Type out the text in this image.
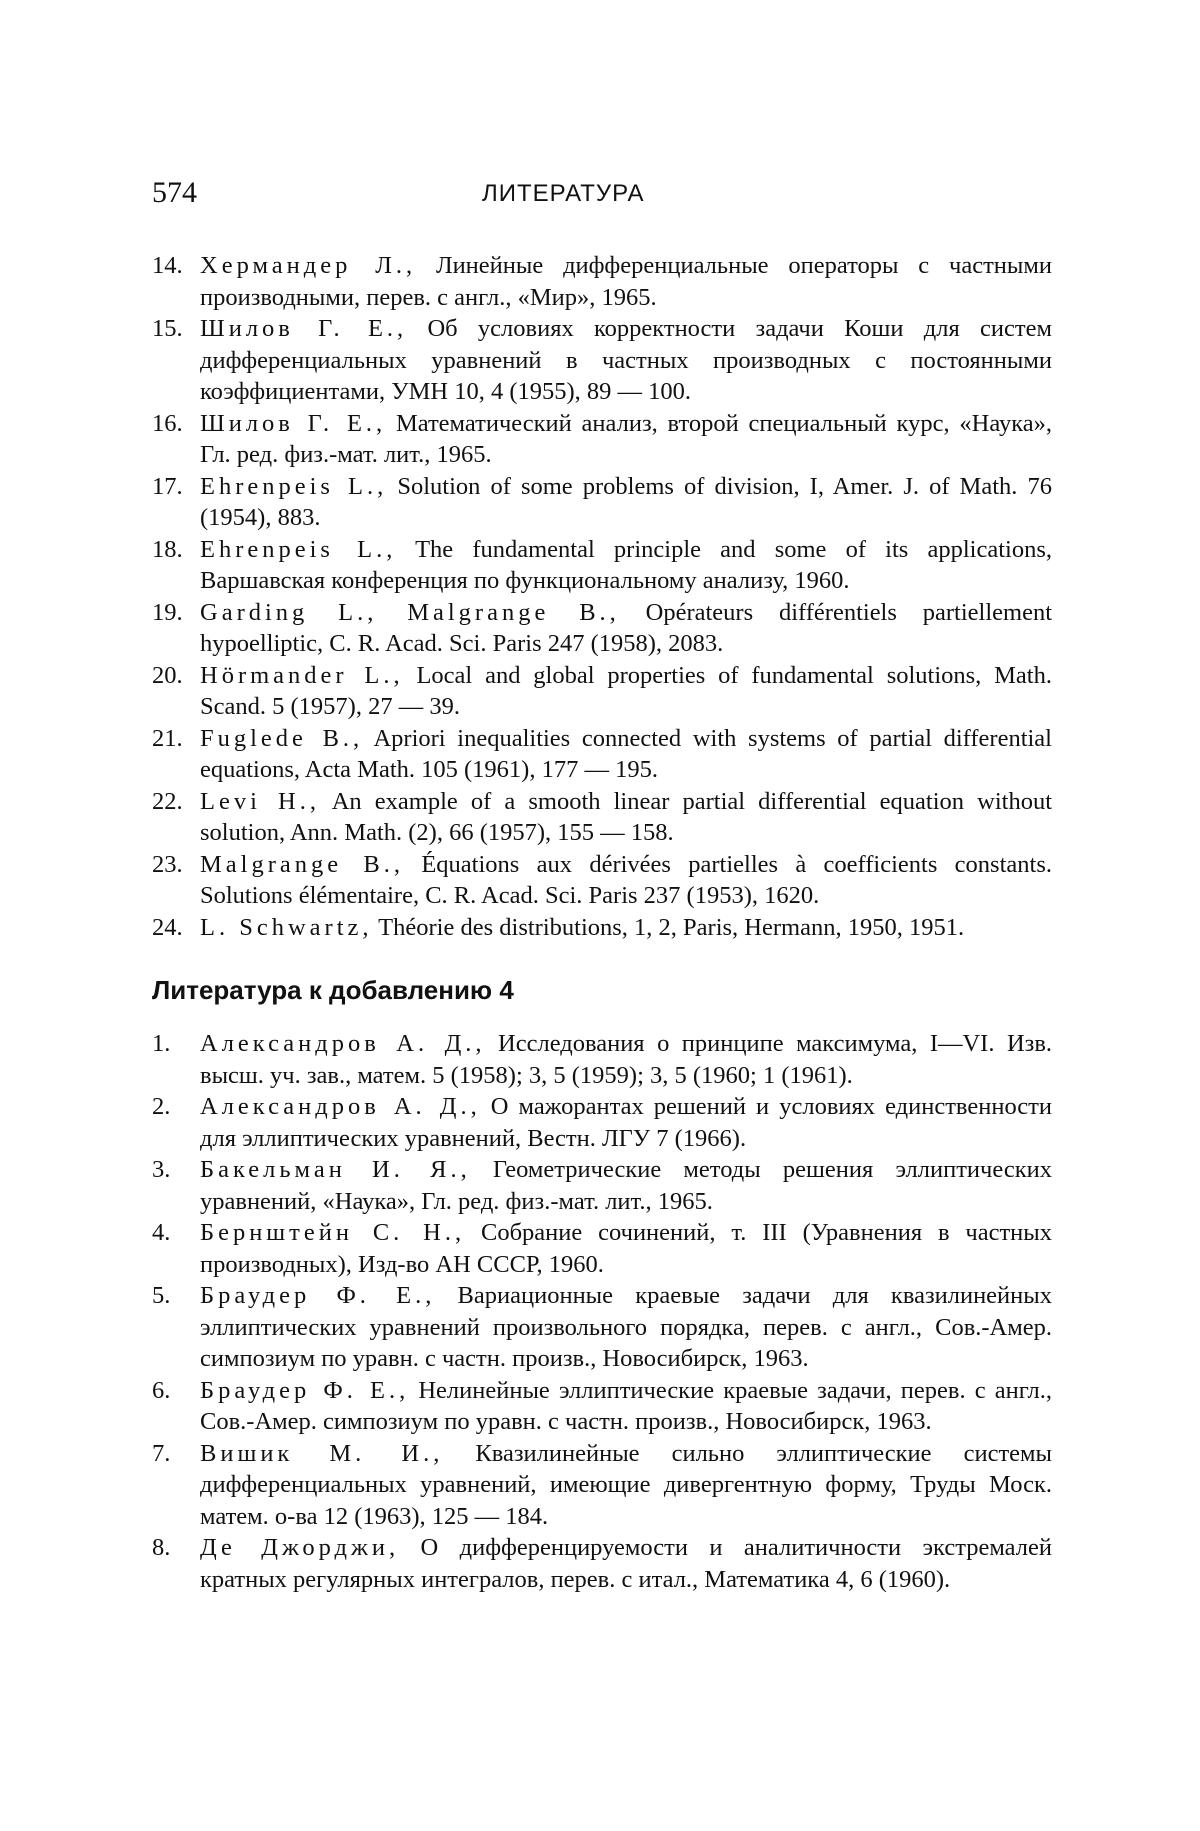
574	ЛИТЕРАТУРА

14. Хермандер Л., Линейные дифференциальные операторы с частными производными, перев. с англ., «Мир», 1965.

15. Шилов Г. Е., Об условиях корректности задачи Коши для систем дифференциальных уравнений в частных производных с постоянными коэффициентами, УМН 10, 4 (1955), 89 — 100.

16. Шилов Г. Е., Математический анализ, второй специальный курс, «Наука», Гл. ред. физ.-мат. лит., 1965.

17. Ehrenpeis L., Solution of some problems of division, I, Amer. J. of Math. 76 (1954), 883.

18. Ehrenpeis L., The fundamental principle and some of its applications, Варшавская конференция по функциональному анализу, 1960.

19. Garding L., Malgrange B., Opérateurs différentiels partiellement hypoelliptic, C. R. Acad. Sci. Paris 247 (1958), 2083.

20. Hörmander L., Local and global properties of fundamental solutions, Math. Scand. 5 (1957), 27 — 39.

21. Fuglede B., Apriori inequalities connected with systems of partial differential equations, Acta Math. 105 (1961), 177 — 195.

22. Levi H., An example of a smooth linear partial differential equation without solution, Ann. Math. (2), 66 (1957), 155 — 158.

23. Malgrange B., Équations aux dérivées partielles à coefficients constants. Solutions élémentaire, C. R. Acad. Sci. Paris 237 (1953), 1620.

24. L. Schwartz, Théorie des distributions, 1, 2, Paris, Hermann, 1950, 1951.

Литература к добавлению 4

1.	Александров А. Д., Исследования о принципе максимума, I—VI. Изв. высш. уч. зав., матем. 5 (1958); 3, 5 (1959); 3, 5 (1960; 1 (1961).

2.	Александров А. Д., О мажорантах решений и условиях единственности для эллиптических уравнений, Вестн. ЛГУ 7 (1966).

3.	Бакельман И. Я., Геометрические методы решения эллиптических уравнений, «Наука», Гл. ред. физ.-мат. лит., 1965.

4.	Бернштейн С. Н., Собрание сочинений, т. III (Уравнения в частных производных), Изд-во АН СССР, 1960.

5.	Браудер Ф. Е., Вариационные краевые задачи для квазилинейных эллиптических уравнений произвольного порядка, перев. с англ., Сов.-Амер. симпозиум по уравн. с частн. произв., Новосибирск, 1963.

6.	Браудер Ф. Е., Нелинейные эллиптические краевые задачи, перев. с англ., Сов.-Амер. симпозиум по уравн. с частн. произв., Новосибирск, 1963.

7.	Вишик М. И., Квазилинейные сильно эллиптические системы дифференциальных уравнений, имеющие дивергентную форму, Труды Моск. матем. о-ва 12 (1963), 125 — 184.

8.	Де Джорджи, О дифференцируемости и аналитичности экстремалей кратных регулярных интегралов, перев. с итал., Математика 4, 6 (1960).
